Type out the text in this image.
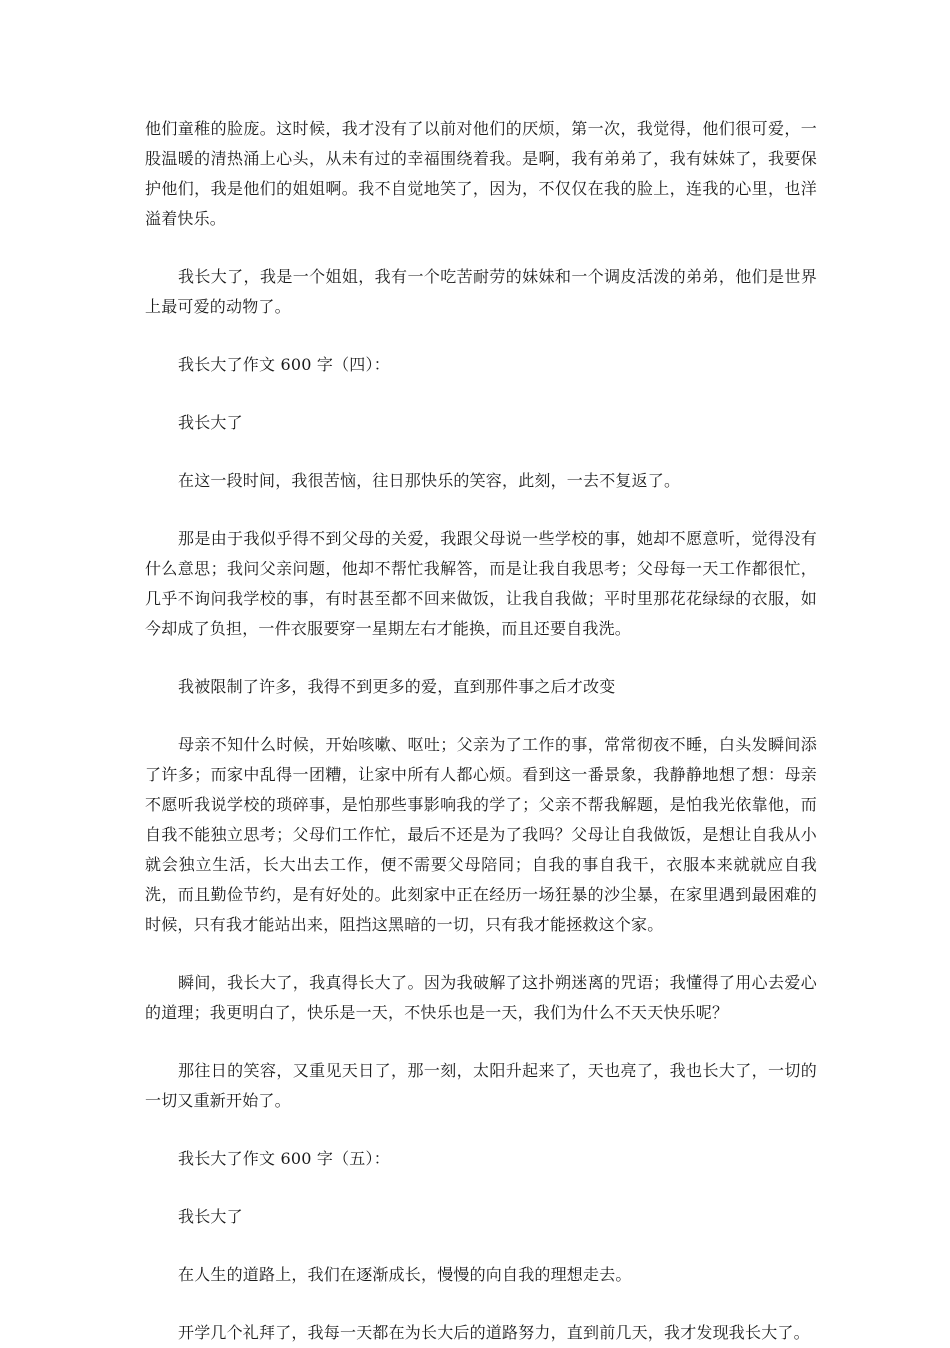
他们童稚的脸庞。这时候，我才没有了以前对他们的厌烦，第一次，我觉得，他们很可爱，一股温暖的清热涌上心头，从未有过的幸福围绕着我。是啊，我有弟弟了，我有妹妹了，我要保护他们，我是他们的姐姐啊。我不自觉地笑了，因为，不仅仅在我的脸上，连我的心里，也洋溢着快乐。

我长大了，我是一个姐姐，我有一个吃苦耐劳的妹妹和一个调皮活泼的弟弟，他们是世界上最可爱的动物了。

我长大了作文 600 字（四）：

我长大了

在这一段时间，我很苦恼，往日那快乐的笑容，此刻，一去不复返了。

那是由于我似乎得不到父母的关爱，我跟父母说一些学校的事，她却不愿意听，觉得没有什么意思；我问父亲问题，他却不帮忙我解答，而是让我自我思考；父母每一天工作都很忙，几乎不询问我学校的事，有时甚至都不回来做饭，让我自我做；平时里那花花绿绿的衣服，如今却成了负担，一件衣服要穿一星期左右才能换，而且还要自我洗。

我被限制了许多，我得不到更多的爱，直到那件事之后才改变

母亲不知什么时候，开始咳嗽、呕吐；父亲为了工作的事，常常彻夜不睡，白头发瞬间添了许多；而家中乱得一团糟，让家中所有人都心烦。看到这一番景象，我静静地想了想：母亲不愿听我说学校的琐碎事，是怕那些事影响我的学了；父亲不帮我解题，是怕我光依靠他，而自我不能独立思考；父母们工作忙，最后不还是为了我吗？父母让自我做饭，是想让自我从小就会独立生活，长大出去工作，便不需要父母陪同；自我的事自我干，衣服本来就就应自我洗，而且勤俭节约，是有好处的。此刻家中正在经历一场狂暴的沙尘暴，在家里遇到最困难的时候，只有我才能站出来，阻挡这黑暗的一切，只有我才能拯救这个家。

瞬间，我长大了，我真得长大了。因为我破解了这扑朔迷离的咒语；我懂得了用心去爱心的道理；我更明白了，快乐是一天，不快乐也是一天，我们为什么不天天快乐呢？

那往日的笑容，又重见天日了，那一刻，太阳升起来了，天也亮了，我也长大了，一切的一切又重新开始了。

我长大了作文 600 字（五）：

我长大了

在人生的道路上，我们在逐渐成长，慢慢的向自我的理想走去。

开学几个礼拜了，我每一天都在为长大后的道路努力，直到前几天，我才发现我长大了。
